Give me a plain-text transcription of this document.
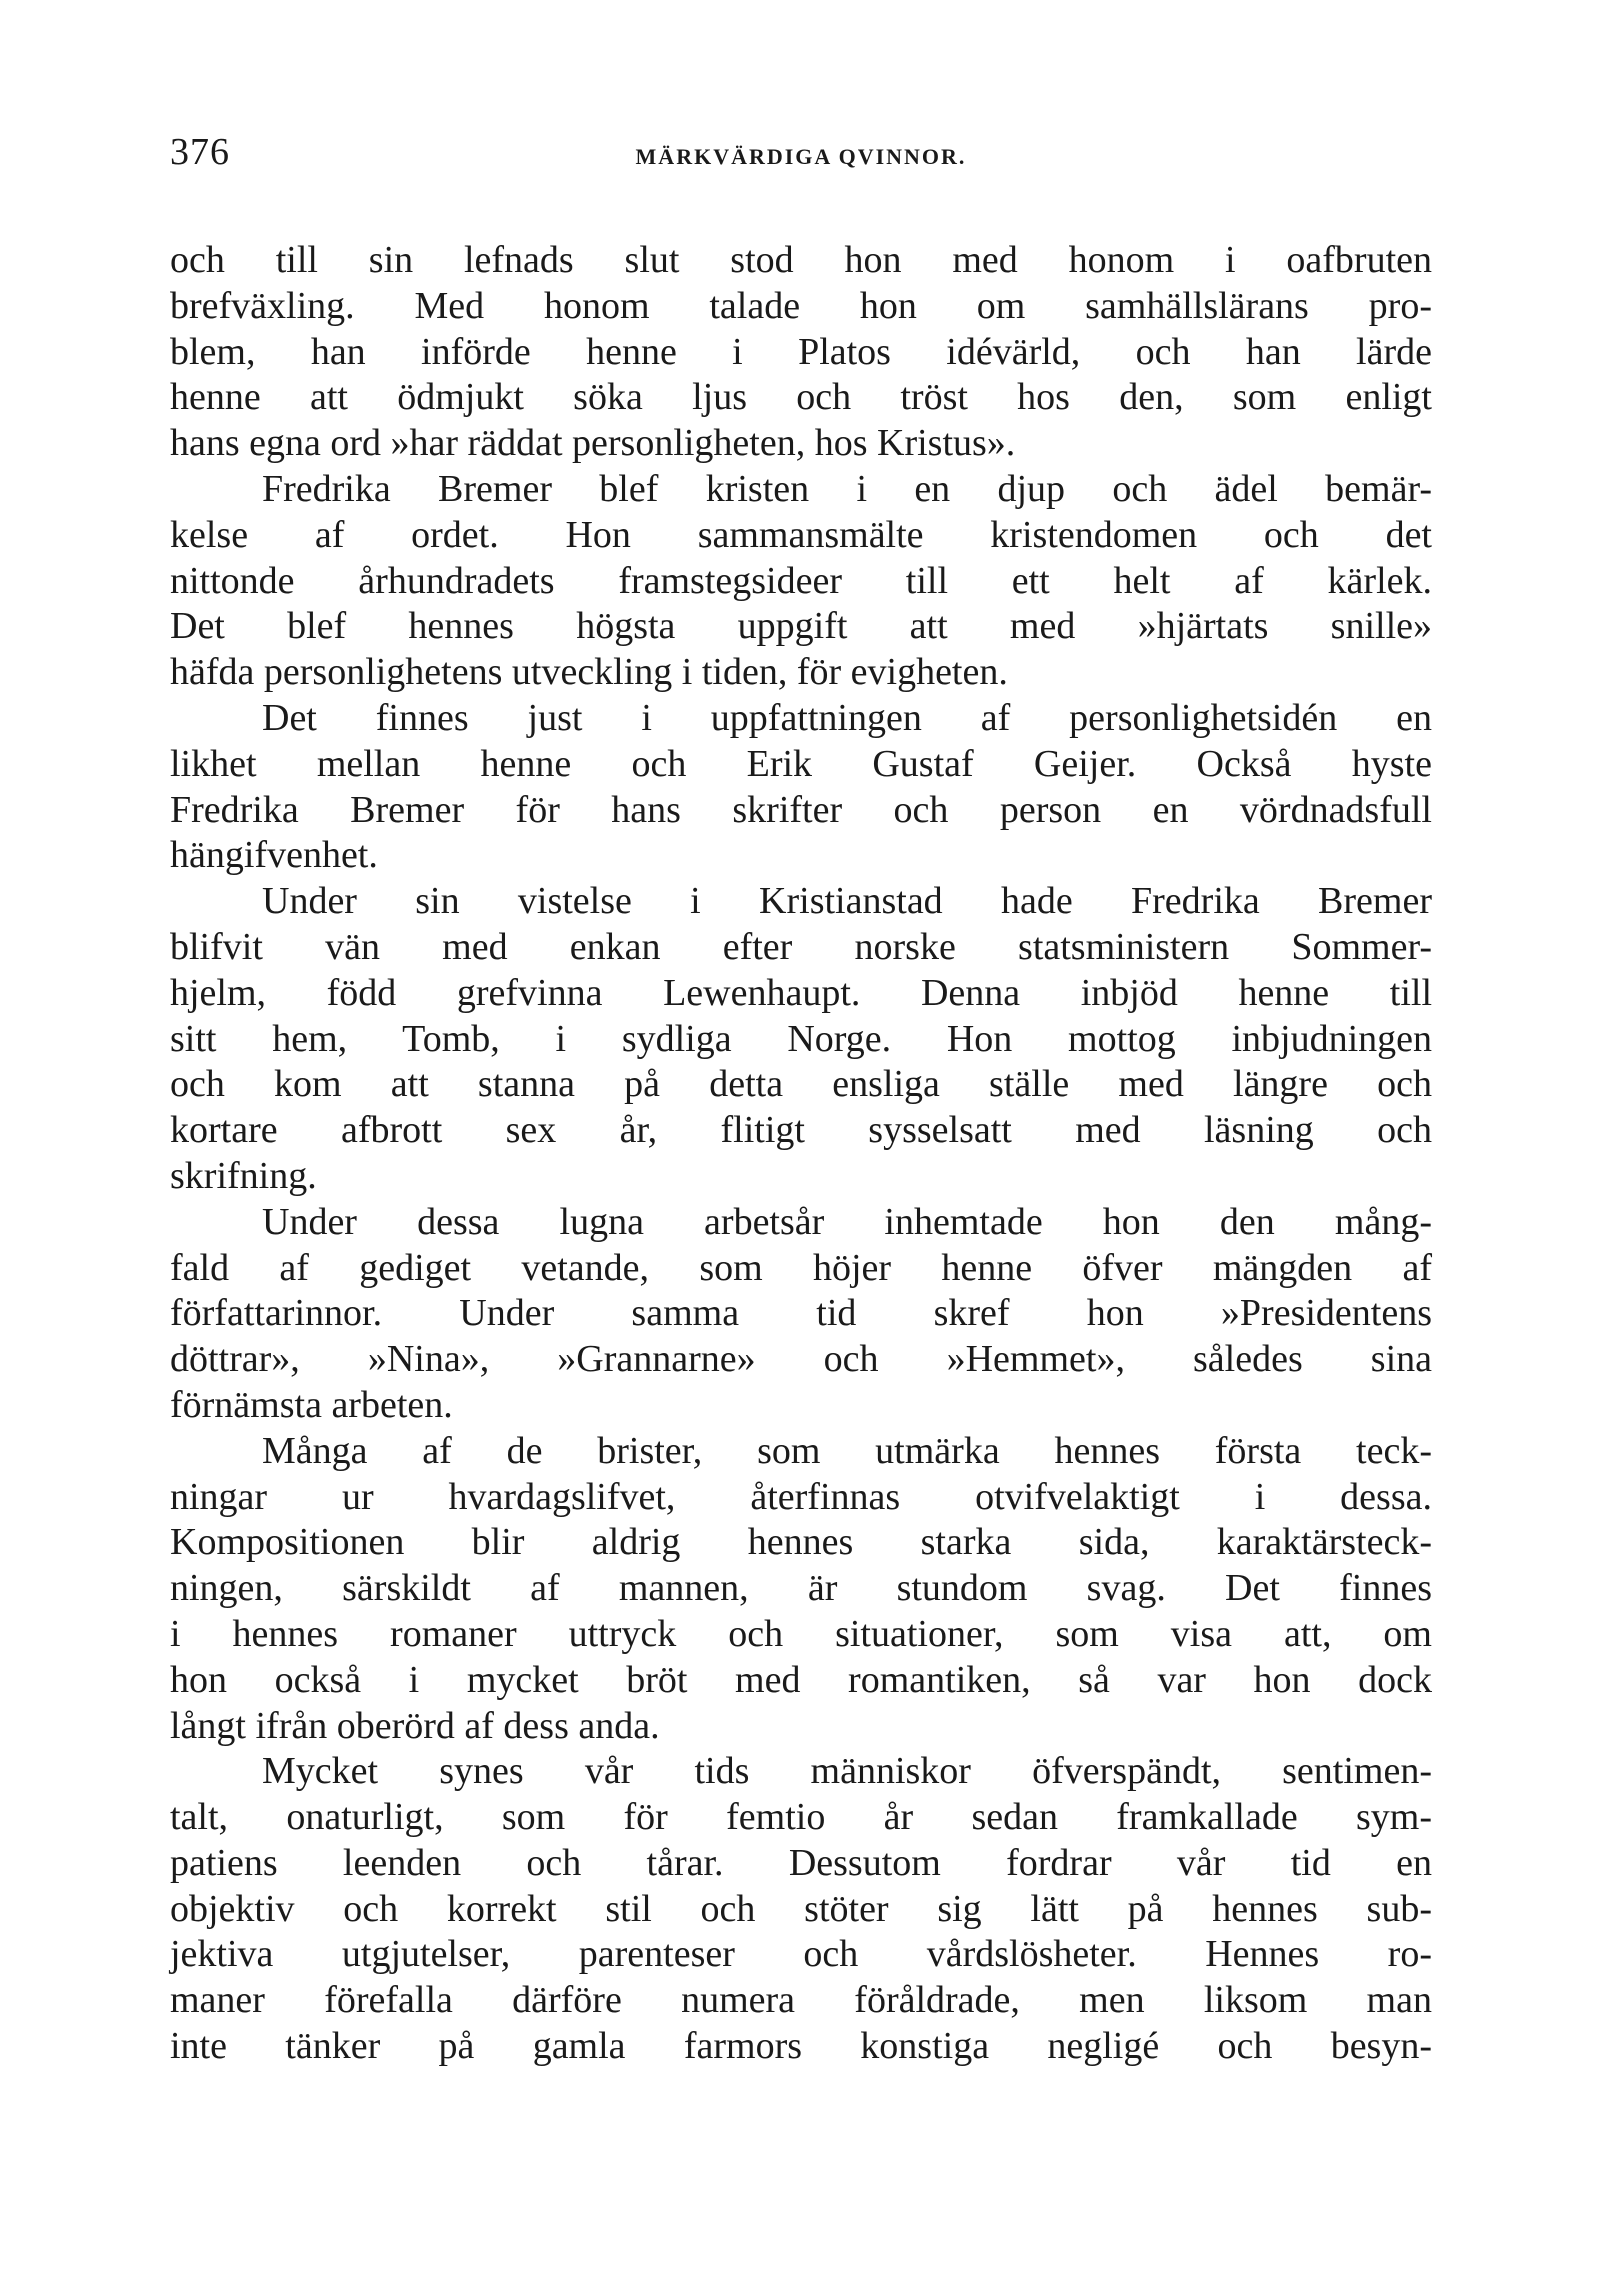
376	MÄRKVÄRDIGA QVINNOR.
och till sin lefnads slut stod hon med honom i oafbruten
brefväxling. Med honom talade hon om samhällslärans pro-
blem, han införde henne i Platos idévärld, och han lärde
henne att ödmjukt söka ljus och tröst hos den, som enligt
hans egna ord »har räddat personligheten, hos Kristus».
Fredrika Bremer blef kristen i en djup och ädel bemär-
kelse af ordet. Hon sammansmälte kristendomen och det
nittonde århundradets framstegsideer till ett helt af kärlek.
Det blef hennes högsta uppgift att med »hjärtats snille»
häfda personlighetens utveckling i tiden, för evigheten.
Det finnes just i uppfattningen af personlighetsidén en
likhet mellan henne och Erik Gustaf Geijer. Också hyste
Fredrika Bremer för hans skrifter och person en vördnadsfull
hängifvenhet.
Under sin vistelse i Kristianstad hade Fredrika Bremer
blifvit vän med enkan efter norske statsministern Sommer-
hjelm, född grefvinna Lewenhaupt. Denna inbjöd henne till
sitt hem, Tomb, i sydliga Norge. Hon mottog inbjudningen
och kom att stanna på detta ensliga ställe med längre och
kortare afbrott sex år, flitigt sysselsatt med läsning och
skrifning.
Under dessa lugna arbetsår inhemtade hon den mång-
fald af gediget vetande, som höjer henne öfver mängden af
författarinnor. Under samma tid skref hon »Presidentens
döttrar», »Nina», »Grannarne» och »Hemmet», således sina
förnämsta arbeten.
Många af de brister, som utmärka hennes första teck-
ningar ur hvardagslifvet, återfinnas otvifvelaktigt i dessa.
Kompositionen blir aldrig hennes starka sida, karaktärsteck-
ningen, särskildt af mannen, är stundom svag. Det finnes
i hennes romaner uttryck och situationer, som visa att, om
hon också i mycket bröt med romantiken, så var hon dock
långt ifrån oberörd af dess anda.
Mycket synes vår tids människor öfverspändt, sentimen-
talt, onaturligt, som för femtio år sedan framkallade sym-
patiens leenden och tårar. Dessutom fordrar vår tid en
objektiv och korrekt stil och stöter sig lätt på hennes sub-
jektiva utgjutelser, parenteser och vårdslösheter. Hennes ro-
maner förefalla därföre numera föråldrade, men liksom man
inte tänker på gamla farmors konstiga negligé och besyn-
